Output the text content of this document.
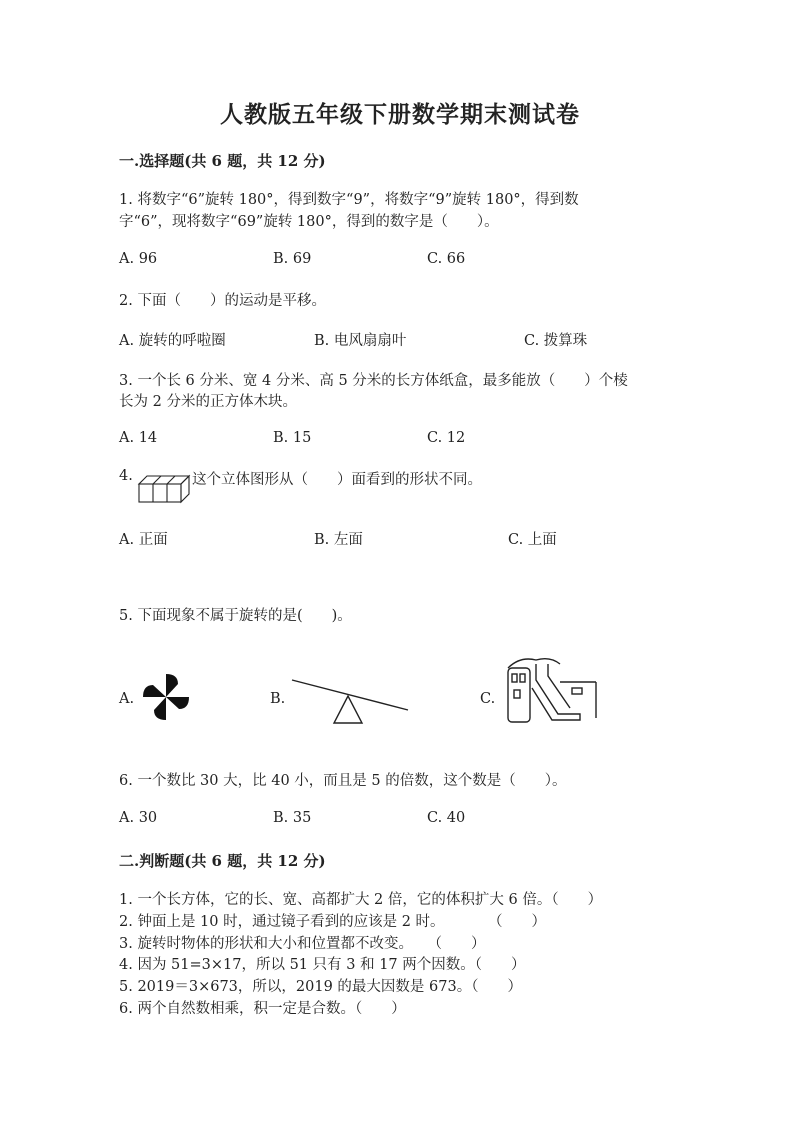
人教版五年级下册数学期末测试卷
一.选择题(共 6 题，共 12 分)
1. 将数字“6”旋转 180°，得到数字“9”，将数字“9”旋转 180°，得到数
字“6”，现将数字“69”旋转 180°，得到的数字是（　　）。
A. 96	B. 69	C. 66
2. 下面（　　）的运动是平移。
A. 旋转的呼啦圈	B. 电风扇扇叶	C. 拨算珠
3. 一个长 6 分米、宽 4 分米、高 5 分米的长方体纸盒，最多能放（　　）个棱
长为 2 分米的正方体木块。
A. 14	B. 15	C. 12
4.	这个立体图形从（　　）面看到的形状不同。
A. 正面	B. 左面	C. 上面
5. 下面现象不属于旋转的是(　　)。
A.	B.	C.
6. 一个数比 30 大，比 40 小，而且是 5 的倍数，这个数是（　　）。
A. 30	B. 35	C. 40
二.判断题(共 6 题，共 12 分)
1. 一个长方体，它的长、宽、高都扩大 2 倍，它的体积扩大 6 倍。（　　）
2. 钟面上是 10 时，通过镜子看到的应该是 2 时。　　　　（　　）
3. 旋转时物体的形状和大小和位置都不改变。　　（　　）
4. 因为 51=3×17，所以 51 只有 3 和 17 两个因数。（　　）
5. 2019＝3×673，所以，2019 的最大因数是 673。（　　）
6. 两个自然数相乘，积一定是合数。（　　）
